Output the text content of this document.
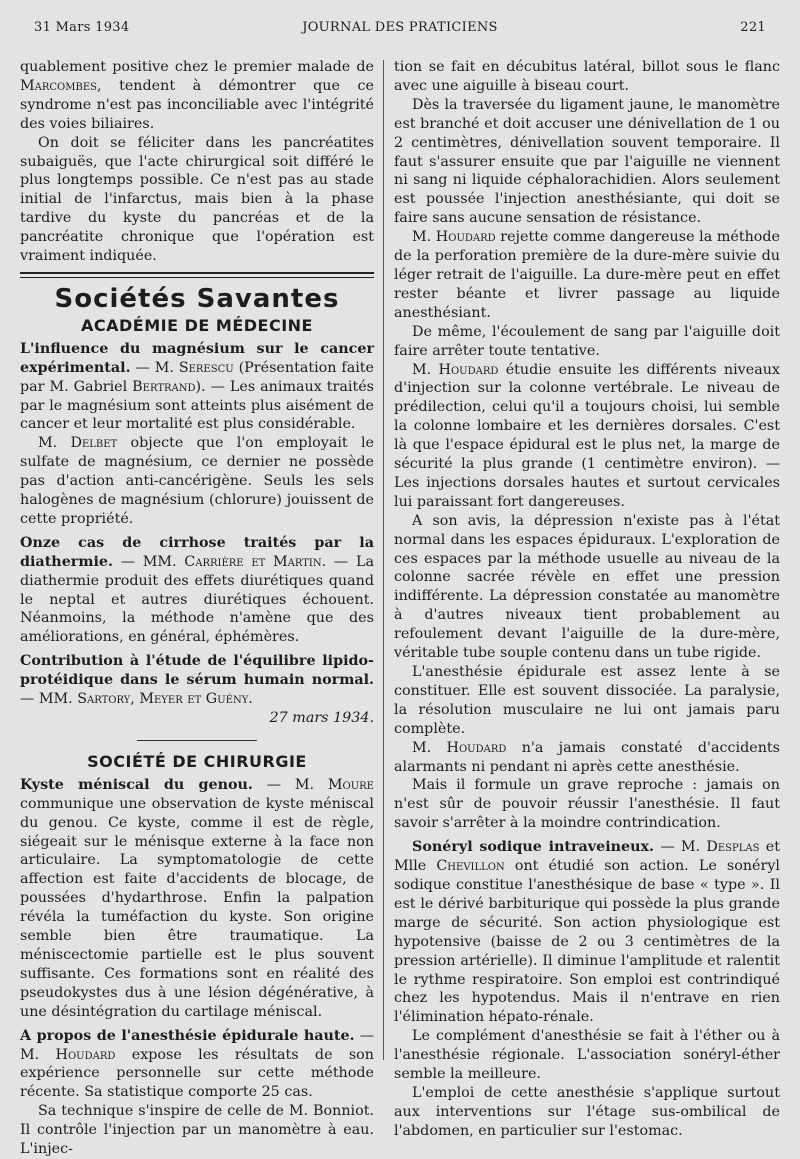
31 Mars 1934	JOURNAL DES PRATICIENS	221

quablement positive chez le premier malade de Marcombes, tendent à démontrer que ce syndrome n'est pas inconciliable avec l'intégrité des voies biliaires.

On doit se féliciter dans les pancréatites subaiguës, que l'acte chirurgical soit différé le plus longtemps possible. Ce n'est pas au stade initial de l'infarctus, mais bien à la phase tardive du kyste du pancréas et de la pancréatite chronique que l'opération est vraiment indiquée.

Sociétés Savantes
ACADÉMIE DE MÉDECINE

L'influence du magnésium sur le cancer expérimental. — M. Serescu (Présentation faite par M. Gabriel Bertrand). — Les animaux traités par le magnésium sont atteints plus aisément de cancer et leur mortalité est plus considérable.

M. Delbet objecte que l'on employait le sulfate de magnésium, ce dernier ne possède pas d'action anti-cancérigène. Seuls les sels halogènes de magnésium (chlorure) jouissent de cette propriété.

Onze cas de cirrhose traités par la diathermie. — MM. Carrière et Martin. — La diathermie produit des effets diurétiques quand le neptal et autres diurétiques échouent. Néanmoins, la méthode n'amène que des améliorations, en général, éphémères.

Contribution à l'étude de l'équilibre lipido-protéidique dans le sérum humain normal. — MM. Sartory, Meyer et Guény.

27 mars 1934.

SOCIÉTÉ DE CHIRURGIE

Kyste méniscal du genou. — M. Moure communique une observation de kyste méniscal du genou. Ce kyste, comme il est de règle, siégeait sur le ménisque externe à la face non articulaire. La symptomatologie de cette affection est faite d'accidents de blocage, de poussées d'hydarthrose. Enfin la palpation révéla la tuméfaction du kyste. Son origine semble bien être traumatique. La méniscectomie partielle est le plus souvent suffisante. Ces formations sont en réalité des pseudokystes dus à une lésion dégénérative, à une désintégration du cartilage méniscal.

A propos de l'anesthésie épidurale haute. — M. Houdard expose les résultats de son expérience personnelle sur cette méthode récente. Sa statistique comporte 25 cas.

Sa technique s'inspire de celle de M. Bonniot. Il contrôle l'injection par un manomètre à eau. L'injec-

tion se fait en décubitus latéral, billot sous le flanc avec une aiguille à biseau court.

Dès la traversée du ligament jaune, le manomètre est branché et doit accuser une dénivellation de 1 ou 2 centimètres, dénivellation souvent temporaire. Il faut s'assurer ensuite que par l'aiguille ne viennent ni sang ni liquide céphalorachidien. Alors seulement est poussée l'injection anesthésiante, qui doit se faire sans aucune sensation de résistance.

M. Houdard rejette comme dangereuse la méthode de la perforation première de la dure-mère suivie du léger retrait de l'aiguille. La dure-mère peut en effet rester béante et livrer passage au liquide anesthésiant.

De même, l'écoulement de sang par l'aiguille doit faire arrêter toute tentative.

M. Houdard étudie ensuite les différents niveaux d'injection sur la colonne vertébrale. Le niveau de prédilection, celui qu'il a toujours choisi, lui semble la colonne lombaire et les dernières dorsales. C'est là que l'espace épidural est le plus net, la marge de sécurité la plus grande (1 centimètre environ). — Les injections dorsales hautes et surtout cervicales lui paraissant fort dangereuses.

A son avis, la dépression n'existe pas à l'état normal dans les espaces épiduraux. L'exploration de ces espaces par la méthode usuelle au niveau de la colonne sacrée révèle en effet une pression indifférente. La dépression constatée au manomètre à d'autres niveaux tient probablement au refoulement devant l'aiguille de la dure-mère, véritable tube souple contenu dans un tube rigide.

L'anesthésie épidurale est assez lente à se constituer. Elle est souvent dissociée. La paralysie, la résolution musculaire ne lui ont jamais paru complète.

M. Houdard n'a jamais constaté d'accidents alarmants ni pendant ni après cette anesthésie.

Mais il formule un grave reproche : jamais on n'est sûr de pouvoir réussir l'anesthésie. Il faut savoir s'arrêter à la moindre contrindication.

Sonéryl sodique intraveineux. — M. Desplas et Mlle Chevillon ont étudié son action. Le sonéryl sodique constitue l'anesthésique de base « type ». Il est le dérivé barbiturique qui possède la plus grande marge de sécurité. Son action physiologique est hypotensive (baisse de 2 ou 3 centimètres de la pression artérielle). Il diminue l'amplitude et ralentit le rythme respiratoire. Son emploi est contrindiqué chez les hypotendus. Mais il n'entrave en rien l'élimination hépato-rénale.

Le complément d'anesthésie se fait à l'éther ou à l'anesthésie régionale. L'association sonéryl-éther semble la meilleure.

L'emploi de cette anesthésie s'applique surtout aux interventions sur l'étage sus-ombilical de l'abdomen, en particulier sur l'estomac.
